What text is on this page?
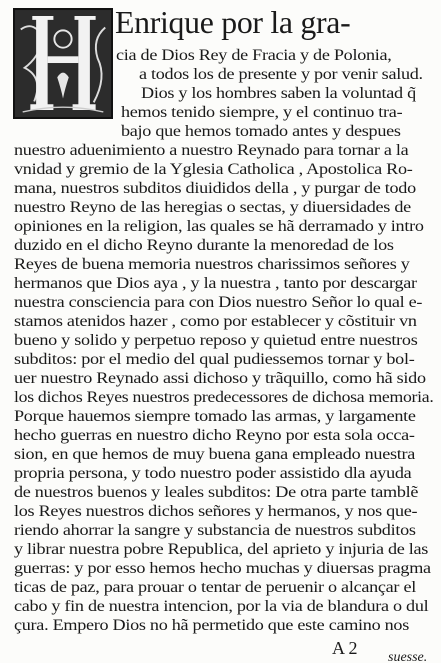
Enrique por la gra-
cia de Dios Rey de Fracia y de Polonia,
a todos los de presente y por venir salud.
Dios y los hombres saben la voluntad q̃
hemos tenido siempre, y el continuo tra-
bajo que hemos tomado antes y despues
nuestro aduenimiento a nuestro Reynado para tornar a la
vnidad y gremio de la Yglesia Catholica , Apostolica Ro-
mana, nuestros subditos diuididos della , y purgar de todo
nuestro Reyno de las heregias o sectas, y diuersidades de
opiniones en la religion, las quales se hã derramado y intro
duzido en el dicho Reyno durante la menoredad de los
Reyes de buena memoria nuestros charissimos señores y
hermanos que Dios aya , y la nuestra , tanto por descargar
nuestra consciencia para con Dios nuestro Señor lo qual e-
stamos atenidos hazer , como por establecer y cõstituir vn
bueno y solido y perpetuo reposo y quietud entre nuestros
subditos: por el medio del qual pudiessemos tornar y bol-
uer nuestro Reynado assi dichoso y trãquillo, como hã sido
los dichos Reyes nuestros predecessores de dichosa memoria.
Porque hauemos siempre tomado las armas, y largamente
hecho guerras en nuestro dicho Reyno por esta sola occa-
sion, en que hemos de muy buena gana empleado nuestra
propria persona, y todo nuestro poder assistido dla ayuda
de nuestros buenos y leales subditos: De otra parte tamblẽ
los Reyes nuestros dichos señores y hermanos, y nos que-
riendo ahorrar la sangre y substancia de nuestros subditos
y librar nuestra pobre Republica, del aprieto y injuria de las
guerras: y por esso hemos hecho muchas y diuersas pragma
ticas de paz, para prouar o tentar de peruenir o alcançar el
cabo y fin de nuestra intencion, por la via de blandura o dul
çura. Empero Dios no hã permetido que este camino nos
A 2 suesse.
